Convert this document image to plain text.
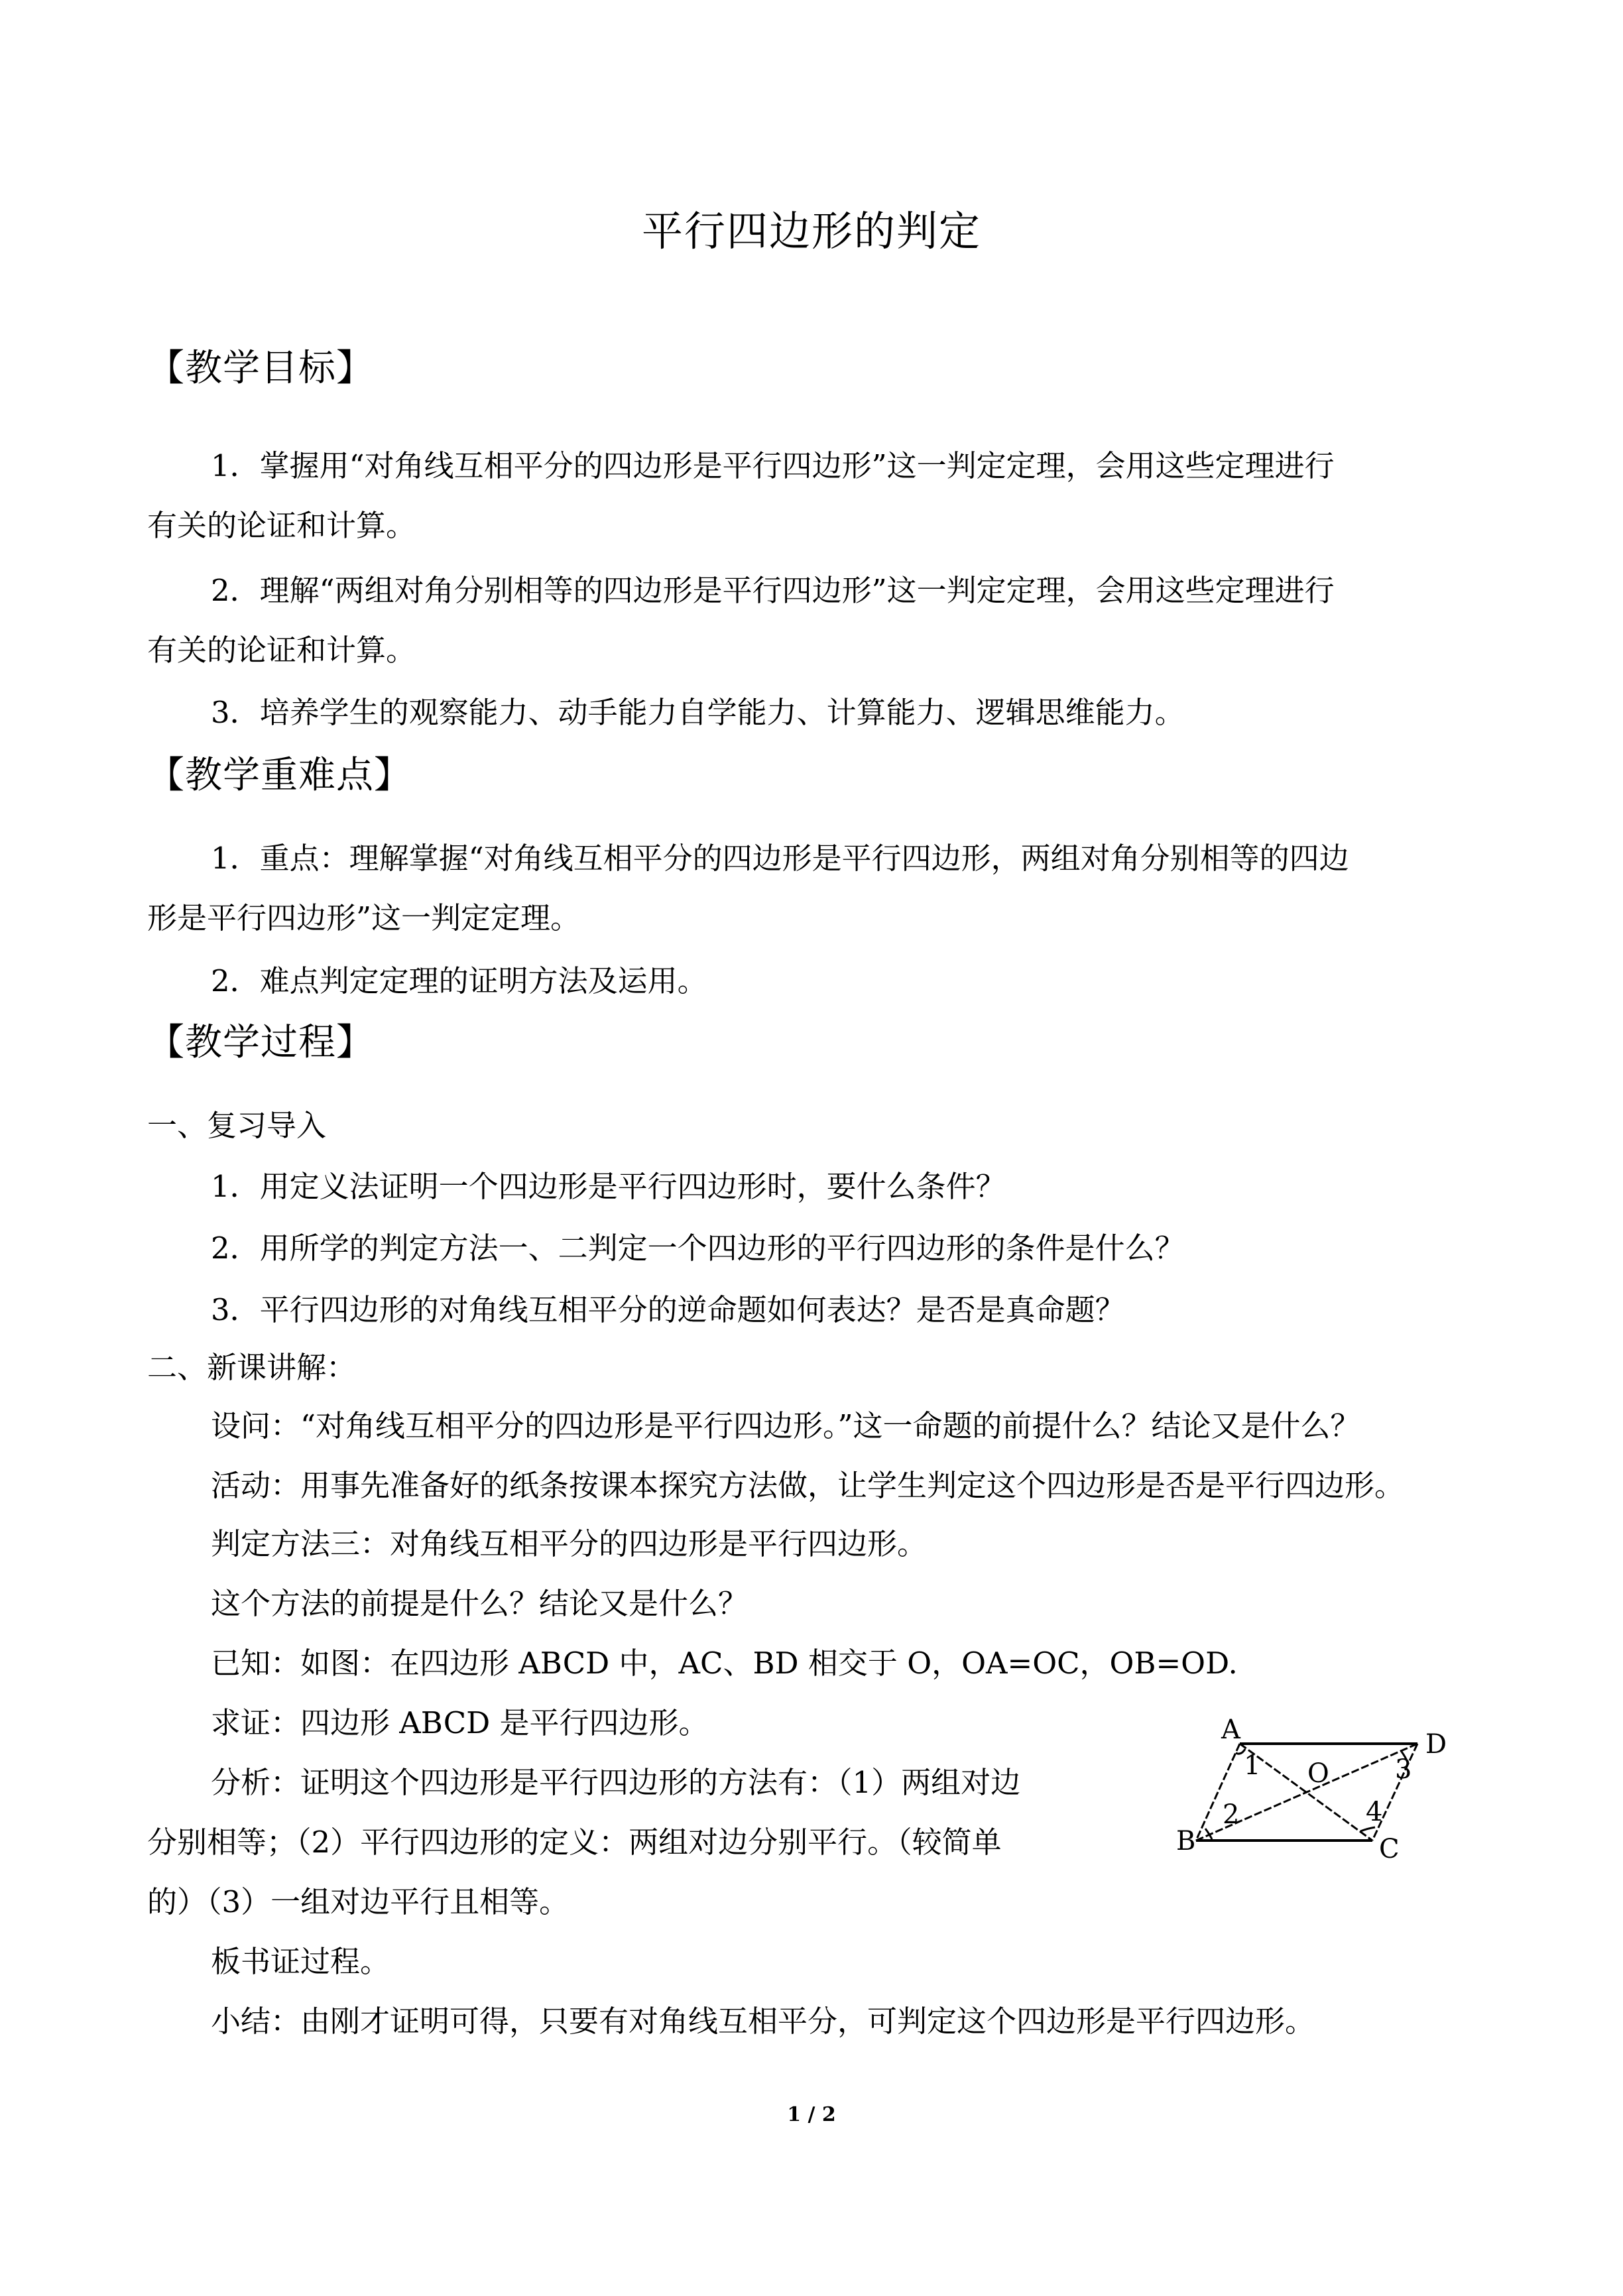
平行四边形的判定
【教学目标】
1．掌握用“对角线互相平分的四边形是平行四边形”这一判定定理，会用这些定理进行
有关的论证和计算。
2．理解“两组对角分别相等的四边形是平行四边形”这一判定定理，会用这些定理进行
有关的论证和计算。
3．培养学生的观察能力、动手能力自学能力、计算能力、逻辑思维能力。
【教学重难点】
1．重点：理解掌握“对角线互相平分的四边形是平行四边形，两组对角分别相等的四边
形是平行四边形”这一判定定理。
2．难点判定定理的证明方法及运用。
【教学过程】
一、复习导入
1．用定义法证明一个四边形是平行四边形时，要什么条件？
2．用所学的判定方法一、二判定一个四边形的平行四边形的条件是什么？
3．平行四边形的对角线互相平分的逆命题如何表达？是否是真命题？
二、新课讲解：
设问：“对角线互相平分的四边形是平行四边形。”这一命题的前提什么？结论又是什么？
活动：用事先准备好的纸条按课本探究方法做，让学生判定这个四边形是否是平行四边形。
判定方法三：对角线互相平分的四边形是平行四边形。
这个方法的前提是什么？结论又是什么？
已知：如图：在四边形 ABCD 中，AC、BD 相交于 O，OA=OC，OB=OD.
求证：四边形 ABCD 是平行四边形。
分析：证明这个四边形是平行四边形的方法有：（1）两组对边
分别相等；（2）平行四边形的定义：两组对边分别平行。（较简单
的）（3）一组对边平行且相等。
板书证过程。
小结：由刚才证明可得，只要有对角线互相平分，可判定这个四边形是平行四边形。
A	D
B	C
O
1
2
3
4
1 / 2
